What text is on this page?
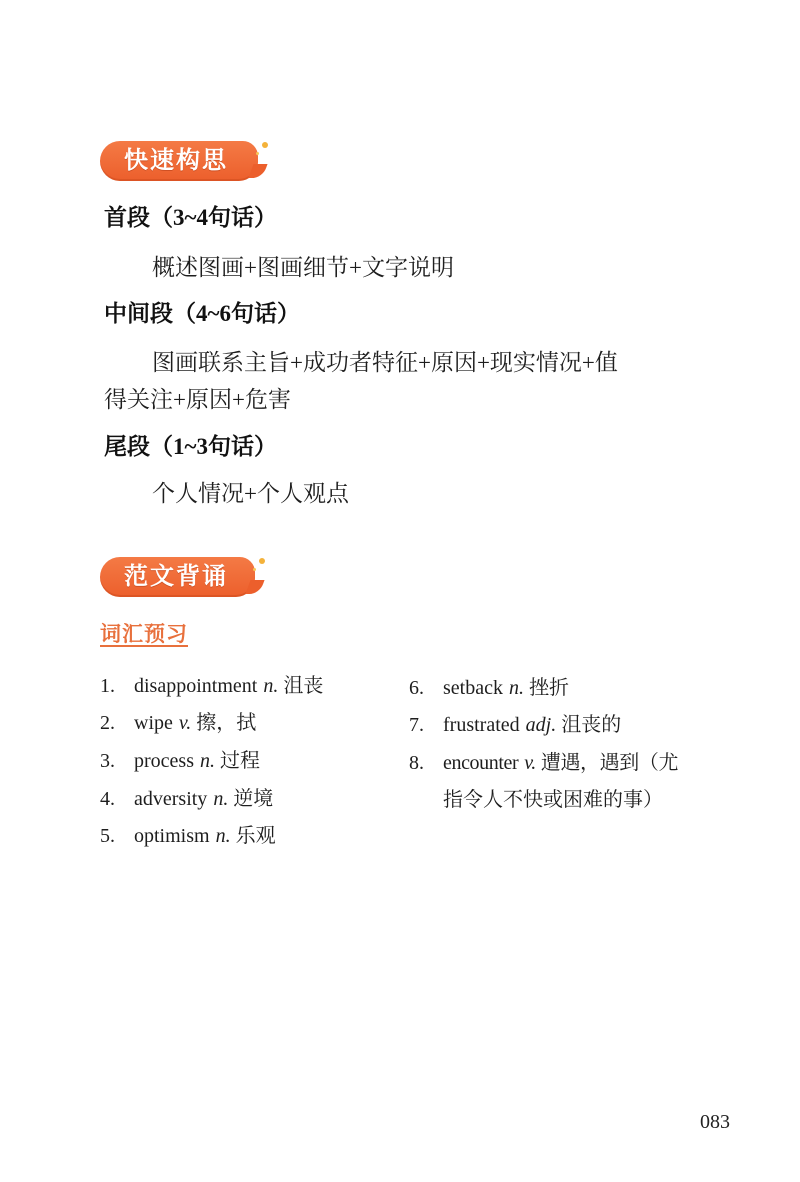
快速构思
首段（3~4句话）
概述图画+图画细节+文字说明
中间段（4~6句话）
图画联系主旨+成功者特征+原因+现实情况+值
得关注+原因+危害
尾段（1~3句话）
个人情况+个人观点
范文背诵
词汇预习
1. disappointment n. 沮丧
2. wipe v. 擦，拭
3. process n. 过程
4. adversity n. 逆境
5. optimism n. 乐观
6. setback n. 挫折
7. frustrated adj. 沮丧的
8. encounter v. 遭遇，遇到（尤
指令人不快或困难的事）
083
